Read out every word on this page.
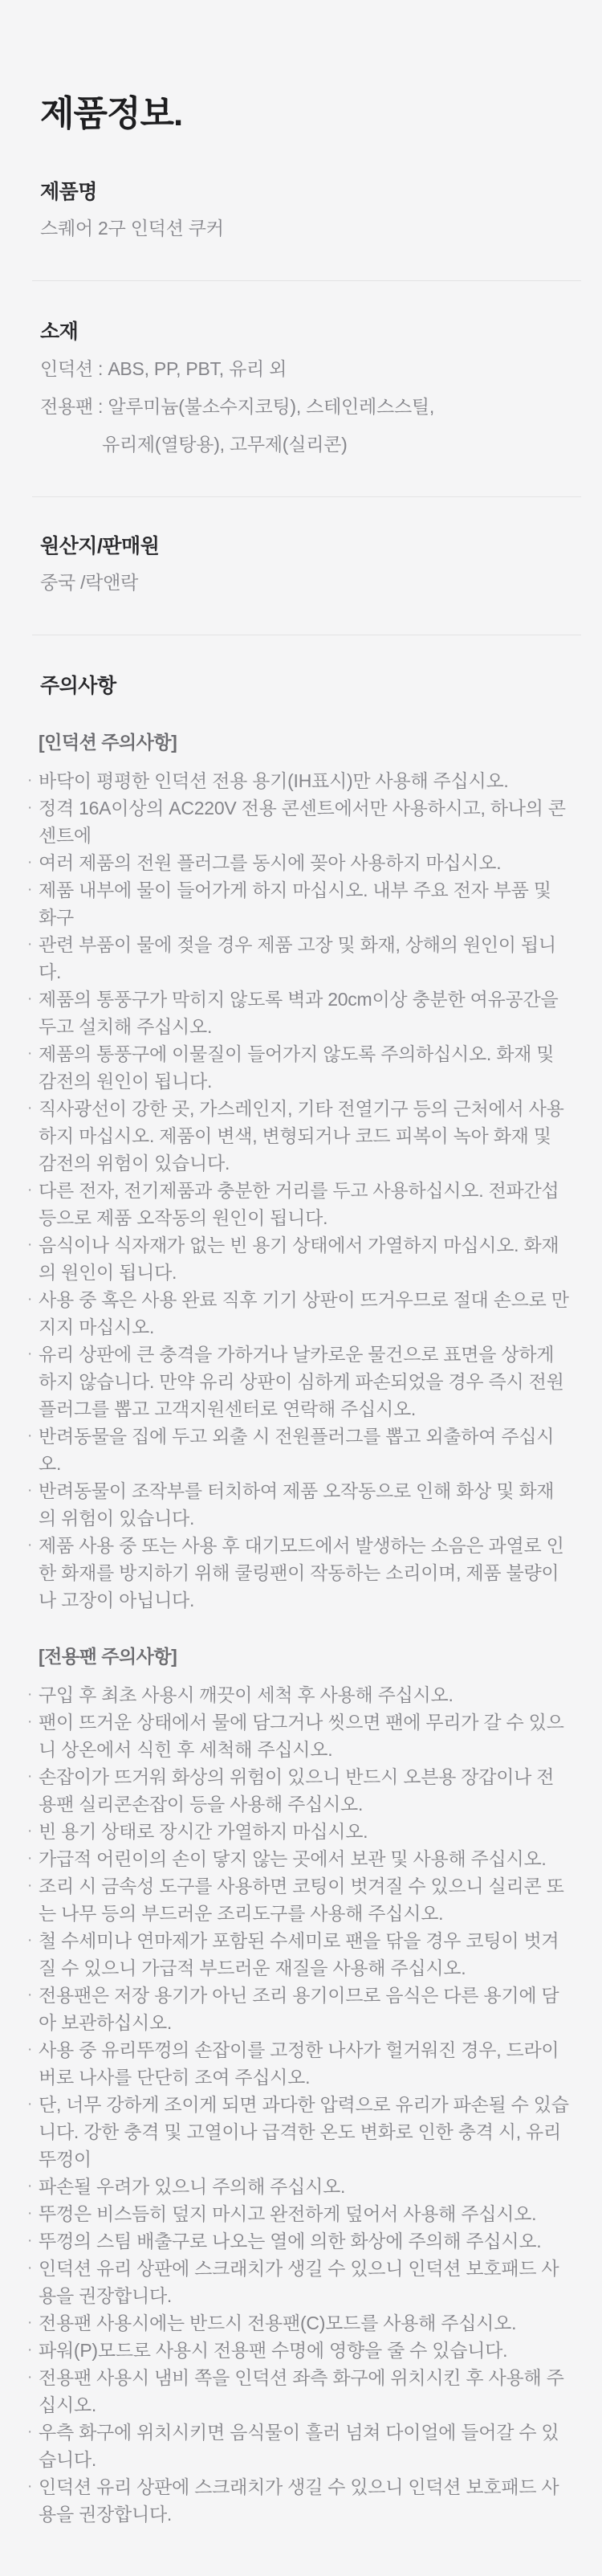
제품정보.
제품명

스퀘어 2구 인덕션 쿠커

소재

인덕션 : ABS, PP, PBT, 유리 외

전용팬 : 알루미늄(불소수지코팅), 스테인레스스틸,

유리제(열탕용), 고무제(실리콘)

원산지/판매원

중국 /락앤락

주의사항
[인덕션 주의사항]
· 바닥이 평평한 인덕션 전용 용기(IH표시)만 사용해 주십시오.
· 정격 16A이상의 AC220V 전용 콘센트에서만 사용하시고, 하나의 콘센트에
· 여러 제품의 전원 플러그를 동시에 꽂아 사용하지 마십시오.
· 제품 내부에 물이 들어가게 하지 마십시오. 내부 주요 전자 부품 및 화구
· 관련 부품이 물에 젖을 경우 제품 고장 및 화재, 상해의 원인이 됩니다.
· 제품의 통풍구가 막히지 않도록 벽과 20cm이상 충분한 여유공간을 두고 설치해 주십시오.
· 제품의 통풍구에 이물질이 들어가지 않도록 주의하십시오. 화재 및 감전의 원인이 됩니다.
· 직사광선이 강한 곳, 가스레인지, 기타 전열기구 등의 근처에서 사용하지 마십시오. 제품이 변색, 변형되거나 코드 피복이 녹아 화재 및 감전의 위험이 있습니다.
· 다른 전자, 전기제품과 충분한 거리를 두고 사용하십시오. 전파간섭 등으로 제품 오작동의 원인이 됩니다.
· 음식이나 식자재가 없는 빈 용기 상태에서 가열하지 마십시오. 화재의 원인이 됩니다.
· 사용 중 혹은 사용 완료 직후 기기 상판이 뜨거우므로 절대 손으로 만지지 마십시오.
· 유리 상판에 큰 충격을 가하거나 날카로운 물건으로 표면을 상하게 하지 않습니다. 만약 유리 상판이 심하게 파손되었을 경우 즉시 전원플러그를 뽑고 고객지원센터로 연락해 주십시오.
· 반려동물을 집에 두고 외출 시 전원플러그를 뽑고 외출하여 주십시오.
· 반려동물이 조작부를 터치하여 제품 오작동으로 인해 화상 및 화재의 위험이 있습니다.
· 제품 사용 중 또는 사용 후 대기모드에서 발생하는 소음은 과열로 인한 화재를 방지하기 위해 쿨링팬이 작동하는 소리이며, 제품 불량이나 고장이 아닙니다.
[전용팬 주의사항]
· 구입 후 최초 사용시 깨끗이 세척 후 사용해 주십시오.
· 팬이 뜨거운 상태에서 물에 담그거나 씻으면 팬에 무리가 갈 수 있으니 상온에서 식힌 후 세척해 주십시오.
· 손잡이가 뜨거워 화상의 위험이 있으니 반드시 오븐용 장갑이나 전용팬 실리콘손잡이 등을 사용해 주십시오.
· 빈 용기 상태로 장시간 가열하지 마십시오.
· 가급적 어린이의 손이 닿지 않는 곳에서 보관 및 사용해 주십시오.
· 조리 시 금속성 도구를 사용하면 코팅이 벗겨질 수 있으니 실리콘 또는 나무 등의 부드러운 조리도구를 사용해 주십시오.
· 철 수세미나 연마제가 포함된 수세미로 팬을 닦을 경우 코팅이 벗겨질 수 있으니 가급적 부드러운 재질을 사용해 주십시오.
· 전용팬은 저장 용기가 아닌 조리 용기이므로 음식은 다른 용기에 담아 보관하십시오.
· 사용 중 유리뚜껑의 손잡이를 고정한 나사가 헐거워진 경우, 드라이버로 나사를 단단히 조여 주십시오.
· 단, 너무 강하게 조이게 되면 과다한 압력으로 유리가 파손될 수 있습니다. 강한 충격 및 고열이나 급격한 온도 변화로 인한 충격 시, 유리 뚜껑이
· 파손될 우려가 있으니 주의해 주십시오.
· 뚜껑은 비스듬히 덮지 마시고 완전하게 덮어서 사용해 주십시오.
· 뚜껑의 스팀 배출구로 나오는 열에 의한 화상에 주의해 주십시오.
· 인덕션 유리 상판에 스크래치가 생길 수 있으니 인덕션 보호패드 사용을 권장합니다.
· 전용팬 사용시에는 반드시 전용팬(C)모드를 사용해 주십시오.
· 파워(P)모드로 사용시 전용팬 수명에 영향을 줄 수 있습니다.
· 전용팬 사용시 냄비 쪽을 인덕션 좌측 화구에 위치시킨 후 사용해 주십시오.
· 우측 화구에 위치시키면 음식물이 흘러 넘쳐 다이얼에 들어갈 수 있습니다.
· 인덕션 유리 상판에 스크래치가 생길 수 있으니 인덕션 보호패드 사용을 권장합니다.
